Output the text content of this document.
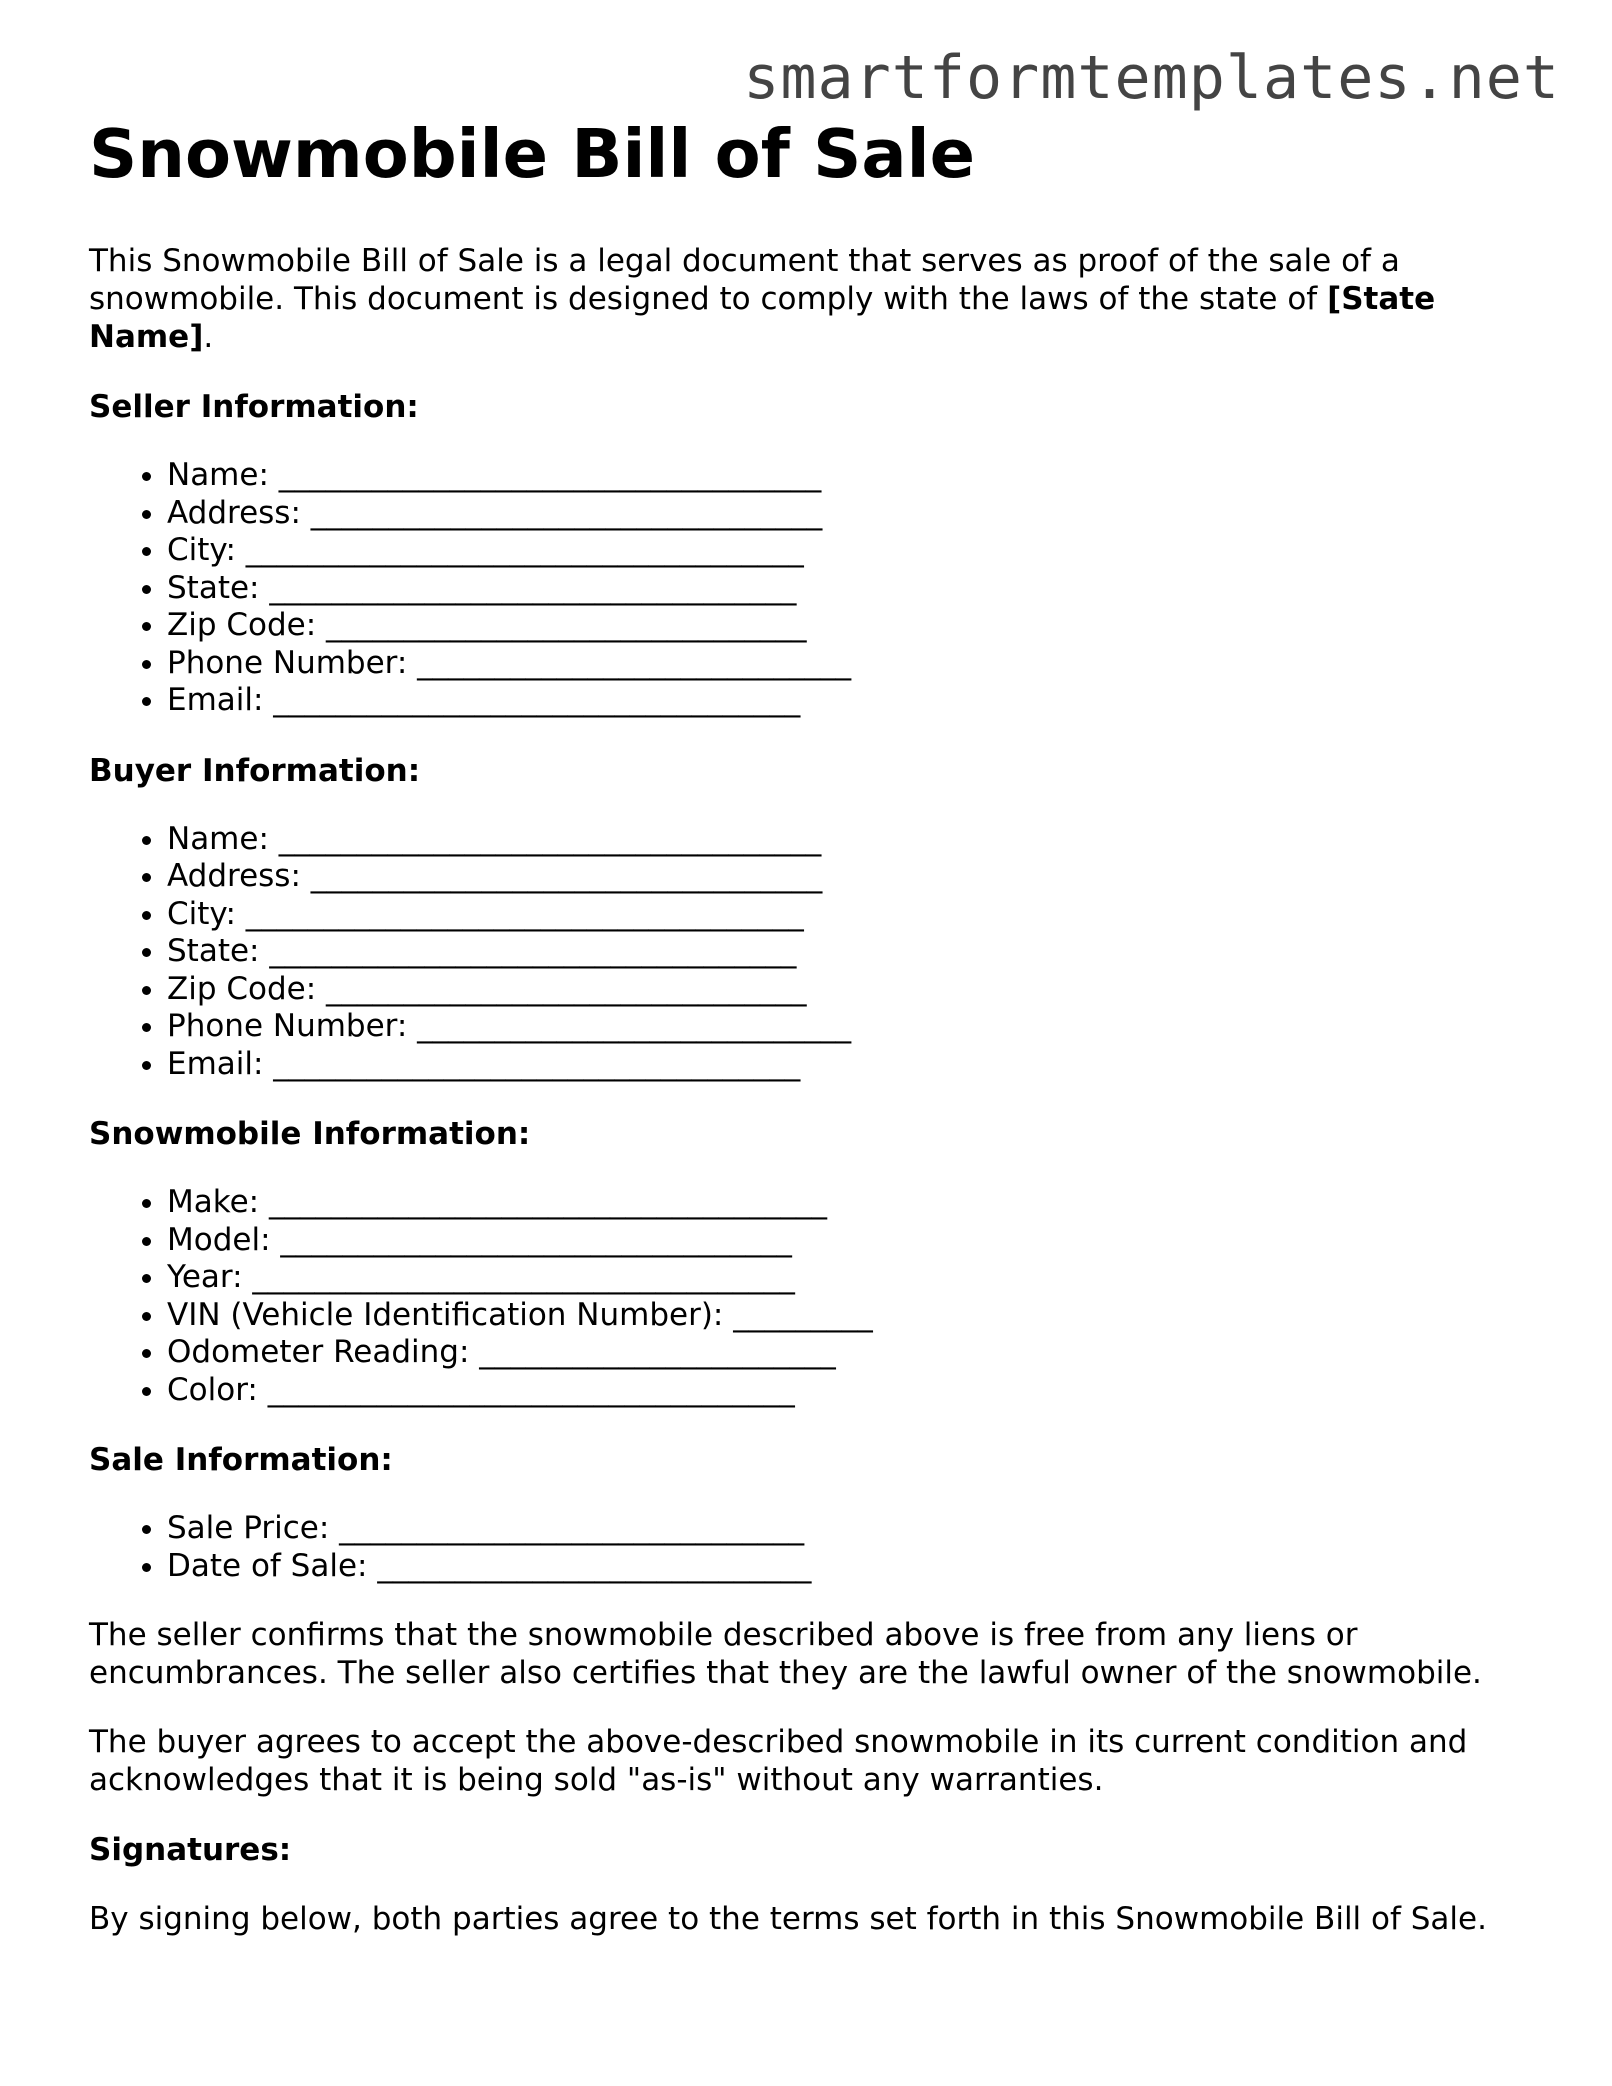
smartformtemplates.net
Snowmobile Bill of Sale

This Snowmobile Bill of Sale is a legal document that serves as proof of the sale of a snowmobile. This document is designed to comply with the laws of the state of [State Name].

Seller Information:

• Name: ___________________________________
• Address: _________________________________
• City: ____________________________________
• State: __________________________________
• Zip Code: _______________________________
• Phone Number: ____________________________
• Email: __________________________________

Buyer Information:

• Name: ___________________________________
• Address: _________________________________
• City: ____________________________________
• State: __________________________________
• Zip Code: _______________________________
• Phone Number: ____________________________
• Email: __________________________________

Snowmobile Information:

• Make: ____________________________________
• Model: _________________________________
• Year: ___________________________________
• VIN (Vehicle Identification Number): _________
• Odometer Reading: _______________________
• Color: __________________________________

Sale Information:

• Sale Price: ______________________________
• Date of Sale: ____________________________

The seller confirms that the snowmobile described above is free from any liens or encumbrances. The seller also certifies that they are the lawful owner of the snowmobile.

The buyer agrees to accept the above-described snowmobile in its current condition and acknowledges that it is being sold "as-is" without any warranties.

Signatures:

By signing below, both parties agree to the terms set forth in this Snowmobile Bill of Sale.
